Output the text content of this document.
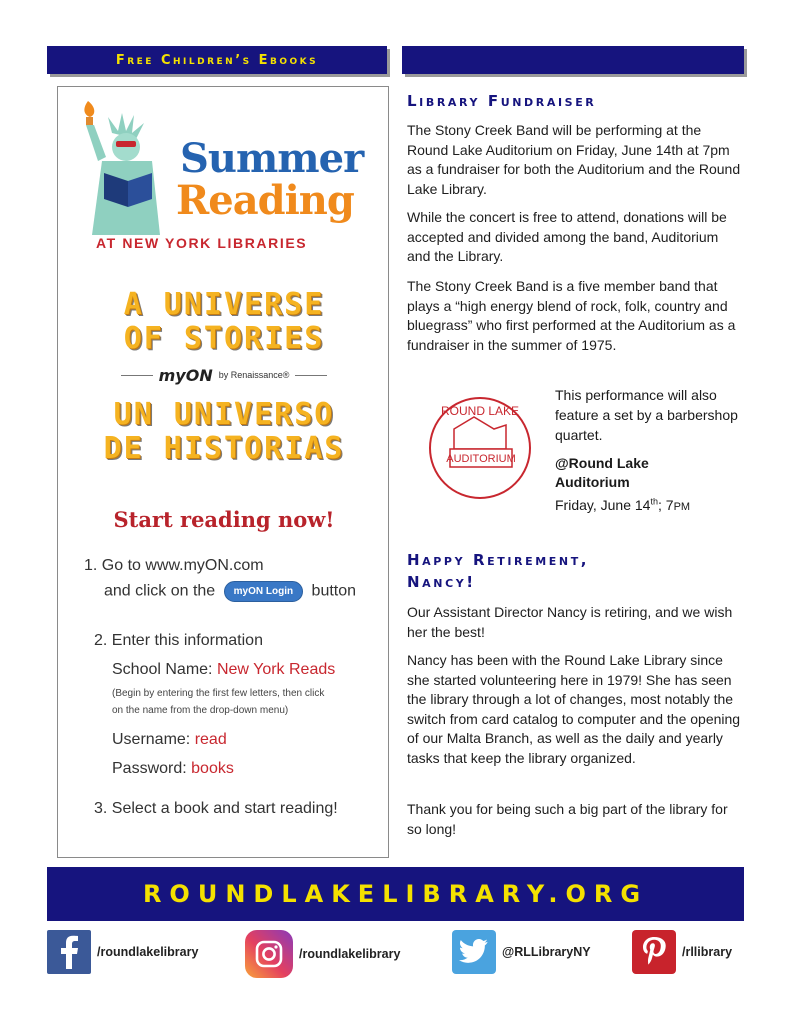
Free Children’s Ebooks
Summer
Reading
AT NEW YORK LIBRARIES
A UNIVERSE
OF STORIES
myON by Renaissance®
UN UNIVERSO
DE HISTORIAS
Start reading now!
1. Go to www.myON.com
and click on the myON Login button
2. Enter this information
School Name: New York Reads
(Begin by entering the first few letters, then click
on the name from the drop-down menu)
Username: read
Password: books
3. Select a book and start reading!
Library Fundraiser
The Stony Creek Band will be performing at the Round Lake Auditorium on Friday, June 14th at 7pm as a fundraiser for both the Auditorium and the Round Lake Library.
While the concert is free to attend, donations will be accepted and divided among the band, Auditorium and the Library.
The Stony Creek Band is a five member band that plays a “high energy blend of rock, folk, country and bluegrass” who first performed at the Auditorium as a fundraiser in the summer of 1975.
ROUND LAKE
AUDITORIUM
This performance will also feature a set by a barbershop quartet.
@Round Lake
Auditorium
Friday, June 14th; 7PM
Happy Retirement,
Nancy!
Our Assistant Director Nancy is retiring, and we wish her the best!
Nancy has been with the Round Lake Library since she started volunteering here in 1979! She has seen the library through a lot of changes, most notably the switch from card catalog to computer and the opening of our Malta Branch, as well as the daily and yearly tasks that keep the library organized.
Thank you for being such a big part of the library for so long!
ROUNDLAKELIBRARY.ORG
/roundlakelibrary	/roundlakelibrary	@RLLibraryNY	/rllibrary
